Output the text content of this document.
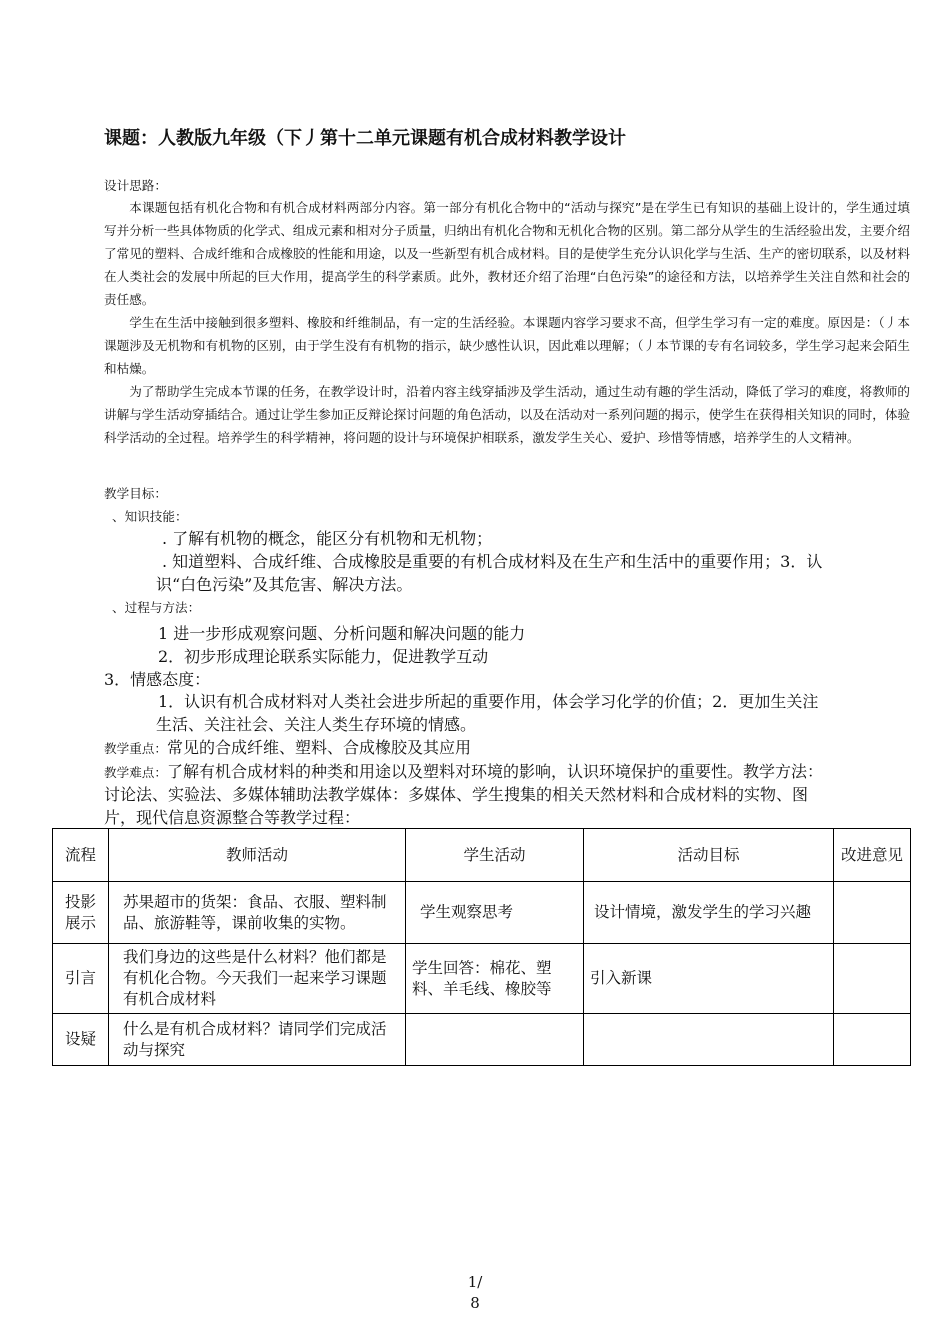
课题：人教版九年级（下丿第十二单元课题有机合成材料教学设计
设计思路：

本课题包括有机化合物和有机合成材料两部分内容。第一部分有机化合物中的“活动与探究”是在学生已有知识的基础上设计的，学生通过填写并分析一些具体物质的化学式、组成元素和相对分子质量，归纳出有机化合物和无机化合物的区别。第二部分从学生的生活经验出发，主要介绍了常见的塑料、合成纤维和合成橡胶的性能和用途，以及一些新型有机合成材料。目的是使学生充分认识化学与生活、生产的密切联系，以及材料在人类社会的发展中所起的巨大作用，提高学生的科学素质。此外，教材还介绍了治理“白色污染”的途径和方法，以培养学生关注自然和社会的责任感。

学生在生活中接触到很多塑料、橡胶和纤维制品，有一定的生活经验。本课题内容学习要求不高，但学生学习有一定的难度。原因是：（丿本课题涉及无机物和有机物的区别，由于学生没有有机物的指示，缺少感性认识，因此难以理解；（丿本节课的专有名词较多，学生学习起来会陌生和枯燥。

为了帮助学生完成本节课的任务，在教学设计时，沿着内容主线穿插涉及学生活动，通过生动有趣的学生活动，降低了学习的难度，将教师的讲解与学生活动穿插结合。通过让学生参加正反辩论探讨问题的角色活动，以及在活动对一系列问题的揭示，使学生在获得相关知识的同时，体验科学活动的全过程。培养学生的科学精神，将问题的设计与环境保护相联系，激发学生关心、爱护、珍惜等情感，培养学生的人文精神。

教学目标：
、知识技能：
. 了解有机物的概念，能区分有机物和无机物；
. 知道塑料、合成纤维、合成橡胶是重要的有机合成材料及在生产和生活中的重要作用；3．认
识“白色污染”及其危害、解决方法。
、过程与方法：
1 进一步形成观察问题、分析问题和解决问题的能力
2．初步形成理论联系实际能力，促进教学互动
3．情感态度：
1．认识有机合成材料对人类社会进步所起的重要作用，体会学习化学的价值；2．更加生关注
生活、关注社会、关注人类生存环境的情感。
教学重点：常见的合成纤维、塑料、合成橡胶及其应用
教学难点：了解有机合成材料的种类和用途以及塑料对环境的影响，认识环境保护的重要性。教学方法：
讨论法、实验法、多媒体辅助法教学媒体：多媒体、学生搜集的相关天然材料和合成材料的实物、图
片，现代信息资源整合等教学过程：
流程	教师活动	学生活动	活动目标	改进意见
投影展示	苏果超市的货架：食品、衣服、塑料制品、旅游鞋等，课前收集的实物。	学生观察思考	设计情境，激发学生的学习兴趣	
引言	我们身边的这些是什么材料？他们都是有机化合物。今天我们一起来学习课题有机合成材料	学生回答：棉花、塑料、羊毛线、橡胶等	引入新课	
设疑	什么是有机合成材料？请同学们完成活动与探究			
1/
8
